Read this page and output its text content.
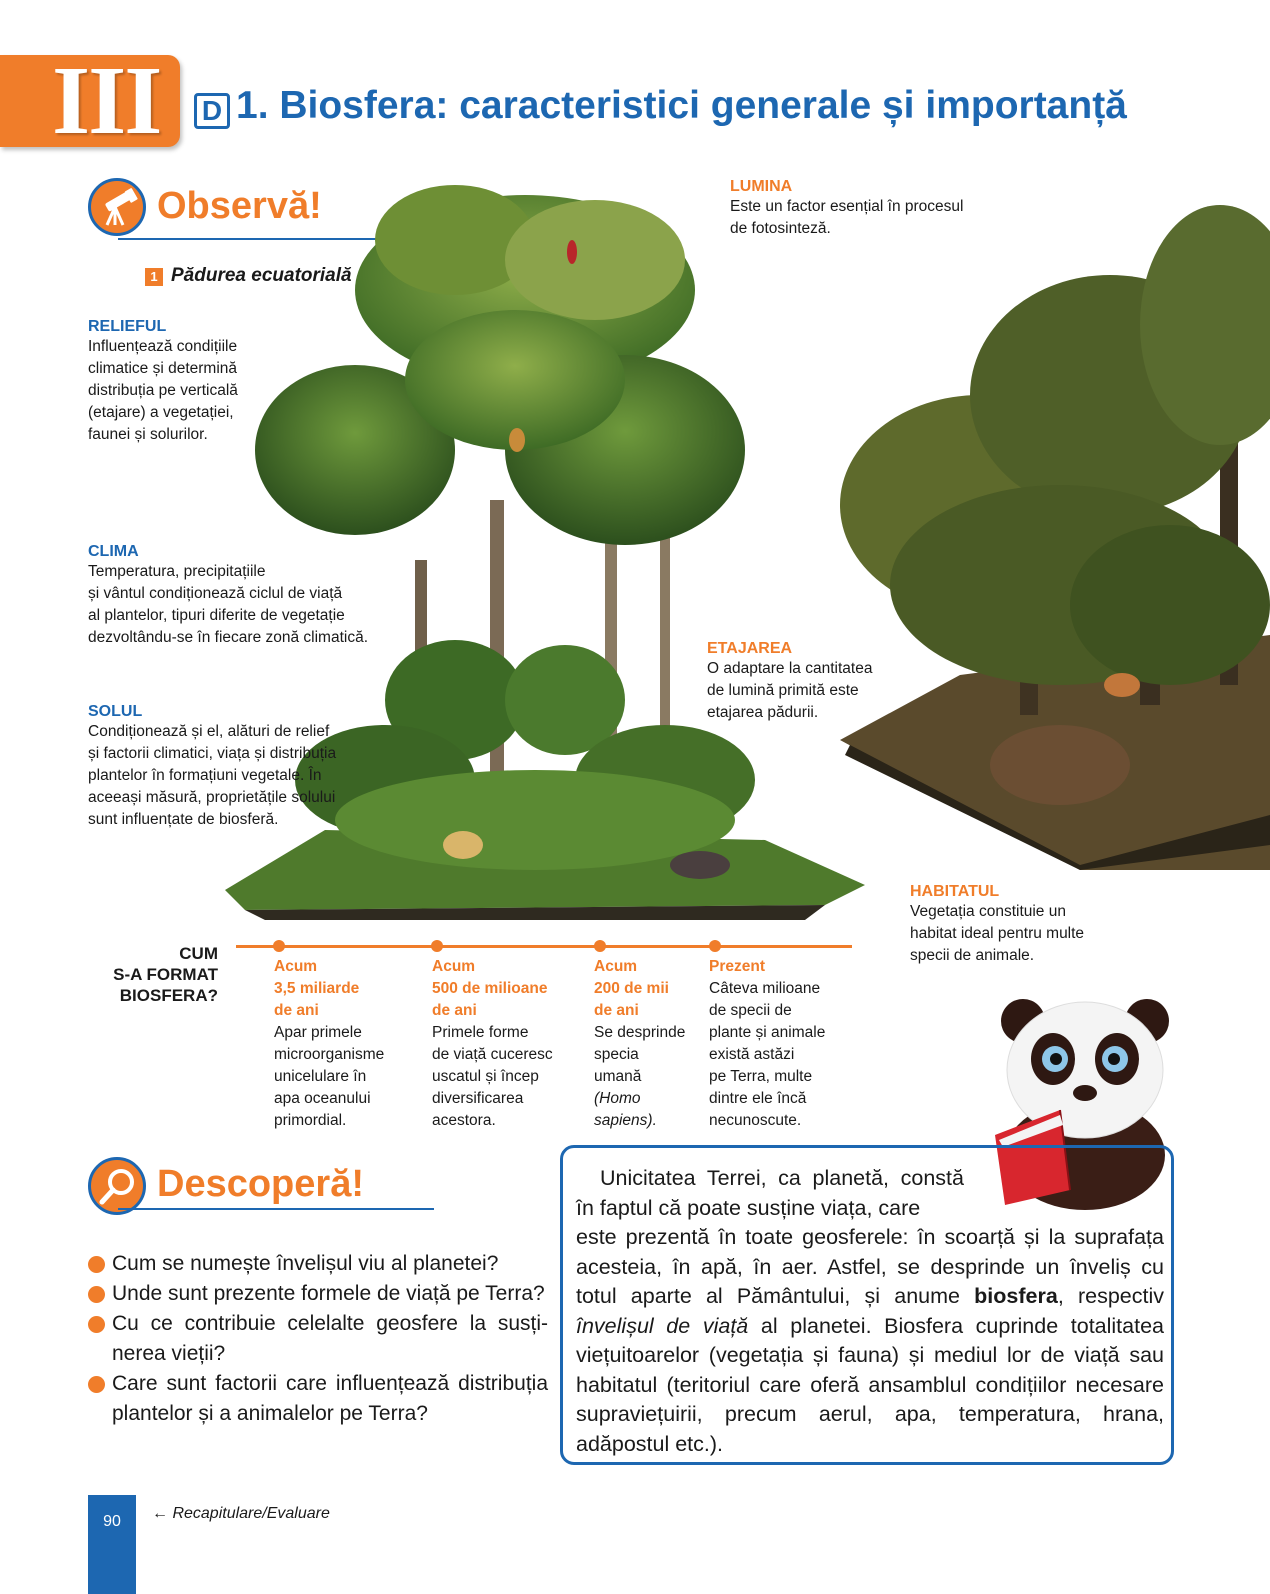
III D 1. Biosfera: caracteristici generale și importanță
Observă!
1 Pădurea ecuatorială
LUMINA
Este un factor esențial în procesul
de fotosinteză.
RELIEFUL
Influențează condițiile
climatice și determină
distribuția pe verticală
(etajare) a vegetației,
faunei și solurilor.
CLIMA
Temperatura, precipitațiile
și vântul condiționează ciclul de viață
al plantelor, tipuri diferite de vegetație
dezvoltându-se în fiecare zonă climatică.
SOLUL
Condiționează și el, alături de relief
și factorii climatici, viața și distribuția
plantelor în formațiuni vegetale. În
aceeași măsură, proprietățile solului
sunt influențate de biosferă.
ETAJAREA
O adaptare la cantitatea
de lumină primită este
etajarea pădurii.
HABITATUL
Vegetația constituie un
habitat ideal pentru multe
specii de animale.
CUM
S-A FORMAT
BIOSFERA?
Acum
3,5 miliarde
de ani
Apar primele
microorganisme
unicelulare în
apa oceanului
primordial.
Acum
500 de milioane
de ani
Primele forme
de viață cuceresc
uscatul și încep
diversificarea
acestora.
Acum
200 de mii
de ani
Se desprinde
specia
umană
(Homo
sapiens).
Prezent
Câteva milioane
de specii de
plante și animale
există astăzi
pe Terra, multe
dintre ele încă
necunoscute.
Descoperă!
Cum se numește învelișul viu al planetei?
Unde sunt prezente formele de viață pe Terra?
Cu ce contribuie celelalte geosfere la susți-nerea vieții?
Care sunt factorii care influențează distribuția plantelor și a animalelor pe Terra?
Unicitatea Terrei, ca planetă, constă în faptul că poate susține viața, care
este prezentă în toate geosferele: în scoarță și la suprafața acesteia, în apă, în aer. Astfel, se desprinde un înveliș cu totul aparte al Pământului, și anume biosfera, respectiv învelișul de viață al planetei. Biosfera cuprinde totalitatea viețuitoarelor (vegetația și fauna) și mediul lor de viață sau habitatul (teritoriul care oferă ansamblul condițiilor necesare supraviețuirii, precum aerul, apa, temperatura, hrana, adăpostul etc.).
90	← Recapitulare/Evaluare
